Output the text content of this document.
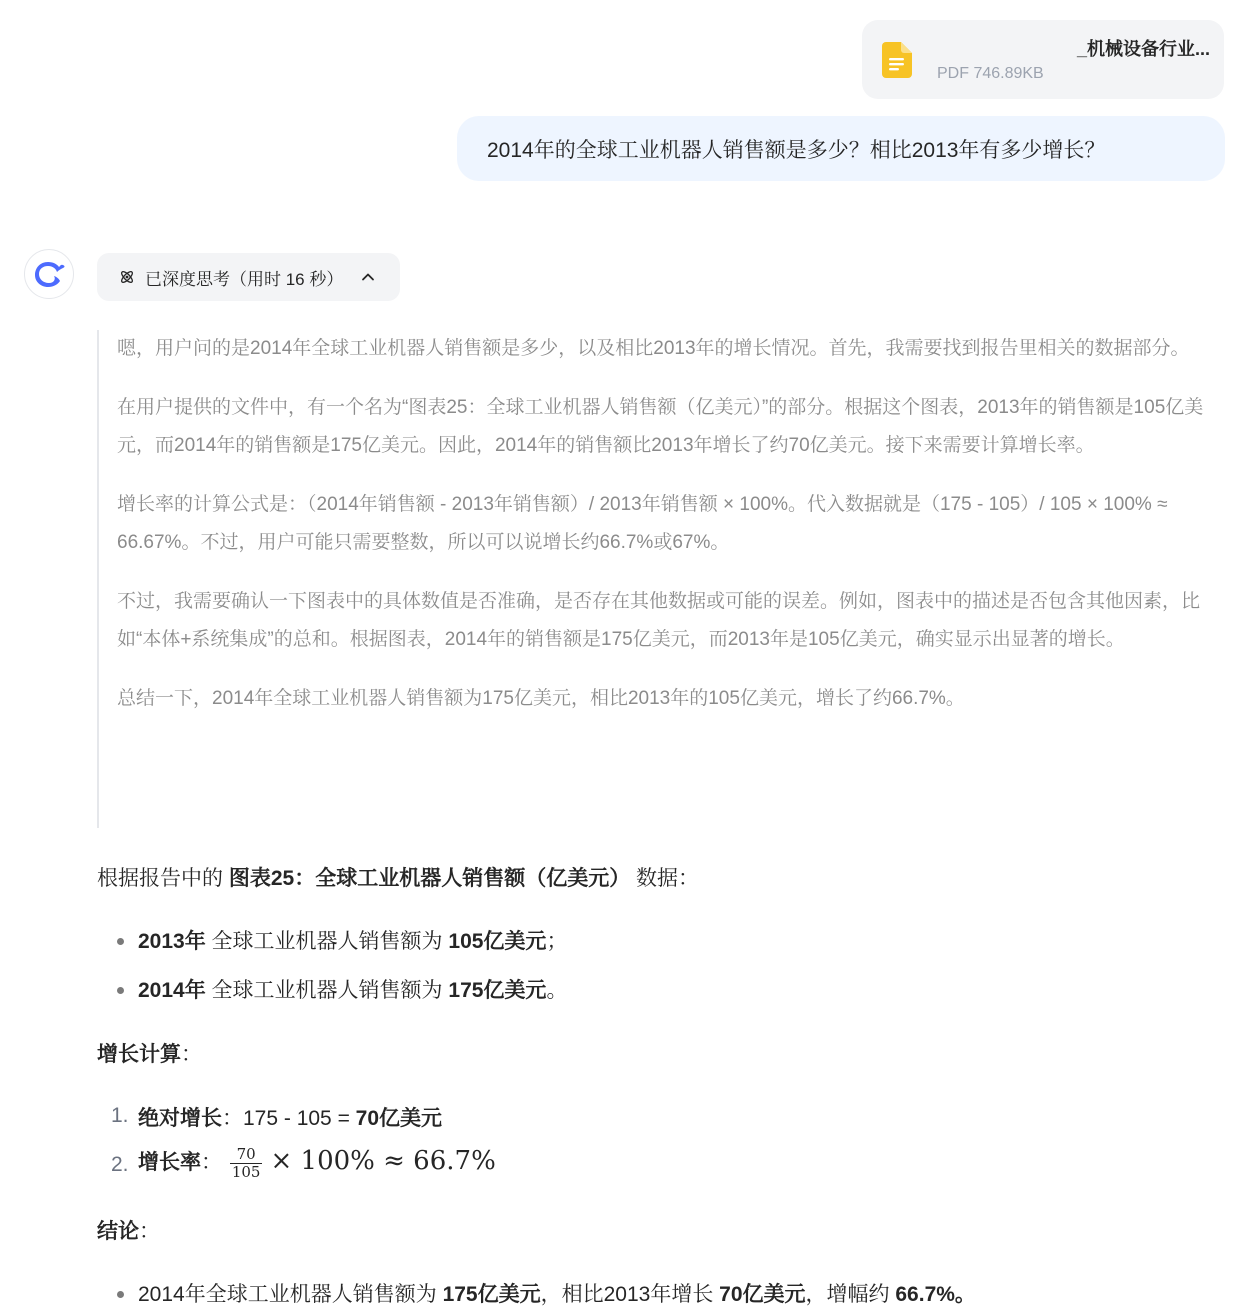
_机械设备行业...
PDF 746.89KB
2014年的全球工业机器人销售额是多少？相比2013年有多少增长？
已深度思考（用时 16 秒）

嗯，用户问的是2014年全球工业机器人销售额是多少，以及相比2013年的增长情况。首先，我需要找到报告里相关的数据部分。

在用户提供的文件中，有一个名为“图表25：全球工业机器人销售额（亿美元）”的部分。根据这个图表，2013年的销售额是105亿美元，而2014年的销售额是175亿美元。因此，2014年的销售额比2013年增长了约70亿美元。接下来需要计算增长率。

增长率的计算公式是：（2014年销售额 - 2013年销售额）/ 2013年销售额 × 100%。代入数据就是（175 - 105）/ 105 × 100% ≈ 66.67%。不过，用户可能只需要整数，所以可以说增长约66.7%或67%。

不过，我需要确认一下图表中的具体数值是否准确，是否存在其他数据或可能的误差。例如，图表中的描述是否包含其他因素，比如“本体+系统集成”的总和。根据图表，2014年的销售额是175亿美元，而2013年是105亿美元，确实显示出显著的增长。

总结一下，2014年全球工业机器人销售额为175亿美元，相比2013年的105亿美元，增长了约66.7%。

根据报告中的 图表25：全球工业机器人销售额（亿美元） 数据：
2013年 全球工业机器人销售额为 105亿美元；
2014年 全球工业机器人销售额为 175亿美元。
增长计算：
1. 绝对增长：175 - 105 = 70亿美元
2. 增长率： $\frac{70}{105} \times 100\% \approx 66.7\%$
结论：
2014年全球工业机器人销售额为 175亿美元，相比2013年增长 70亿美元，增幅约 66.7%。
